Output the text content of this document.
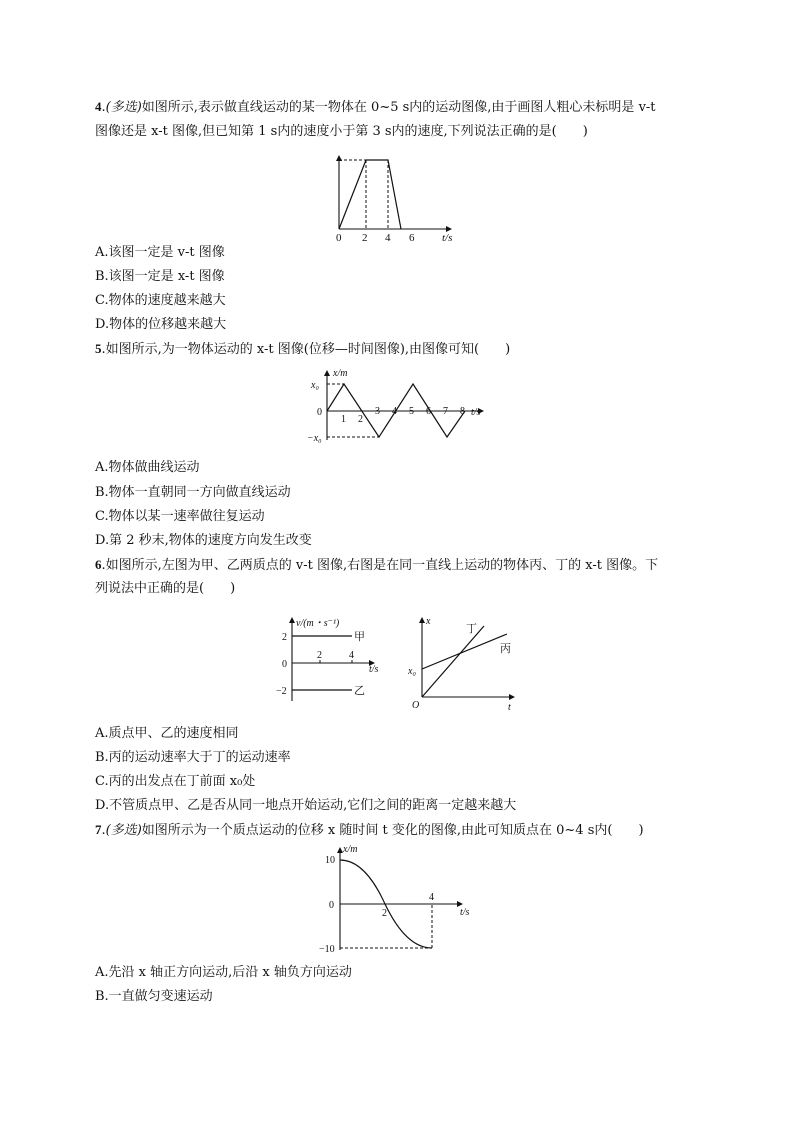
4.(多选)如图所示,表示做直线运动的某一物体在 0~5 s内的运动图像,由于画图人粗心未标明是 v-t
图像还是 x-t 图像,但已知第 1 s内的速度小于第 3 s内的速度,下列说法正确的是(　　)
0 2 4 6	t/s
A.该图一定是 v-t 图像
B.该图一定是 x-t 图像
C.物体的速度越来越大
D.物体的位移越来越大
5.如图所示,为一物体运动的 x-t 图像(位移—时间图像),由图像可知(　　)
x/m
x₀
0
−x₀
1 2
3 4 5 6 7 8 t/s
A.物体做曲线运动
B.物体一直朝同一方向做直线运动
C.物体以某一速率做往复运动
D.第 2 秒末,物体的速度方向发生改变
6.如图所示,左图为甲、乙两质点的 v-t 图像,右图是在同一直线上运动的物体丙、丁的 x-t 图像。下
列说法中正确的是(　　)
v/(m・s⁻¹)
2
0
−2
2	4
t/s
甲
乙
x
x₀
O	t
丁
丙
A.质点甲、乙的速度相同
B.丙的运动速率大于丁的运动速率
C.丙的出发点在丁前面 x₀处
D.不管质点甲、乙是否从同一地点开始运动,它们之间的距离一定越来越大
7.(多选)如图所示为一个质点运动的位移 x 随时间 t 变化的图像,由此可知质点在 0~4 s内(　　)
x/m
10
0
−10
2
4
t/s
A.先沿 x 轴正方向运动,后沿 x 轴负方向运动
B.一直做匀变速运动
